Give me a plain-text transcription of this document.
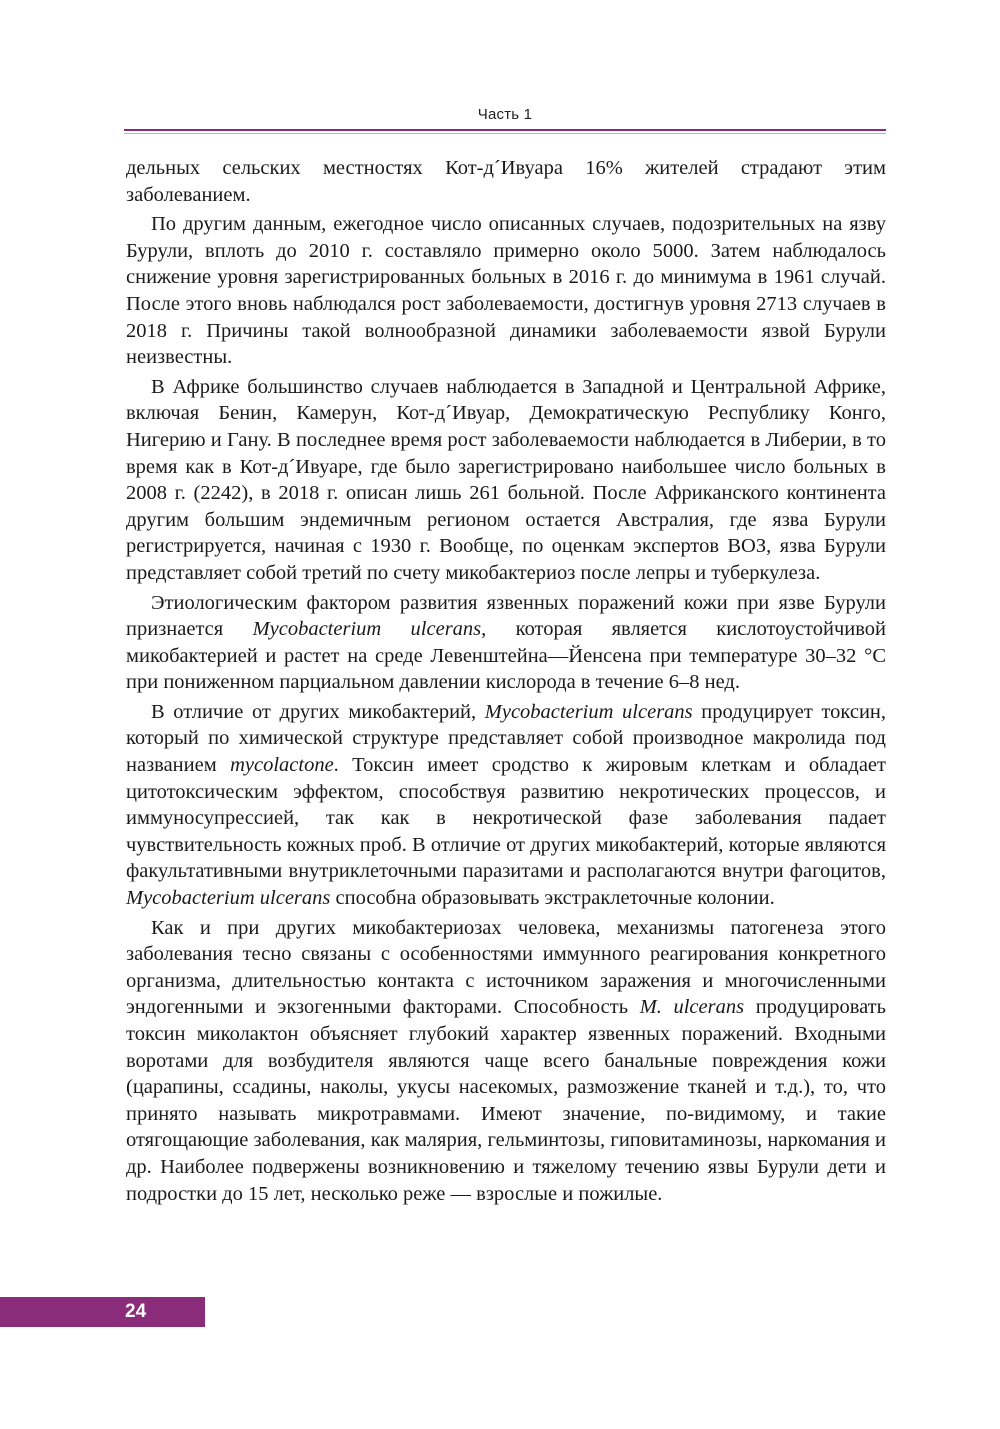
Часть 1

дельных сельских местностях Кот-д´Ивуара 16% жителей страдают этим заболеванием.

По другим данным, ежегодное число описанных случаев, подозрительных на язву Бурули, вплоть до 2010 г. составляло примерно около 5000. Затем наблюдалось снижение уровня зарегистрированных больных в 2016 г. до минимума в 1961 случай. После этого вновь наблюдался рост заболеваемости, достигнув уровня 2713 случаев в 2018 г. Причины такой волнообразной динамики заболеваемости язвой Бурули неизвестны.

В Африке большинство случаев наблюдается в Западной и Центральной Африке, включая Бенин, Камерун, Кот-д´Ивуар, Демократическую Республику Конго, Нигерию и Гану. В последнее время рост заболеваемости наблюдается в Либерии, в то время как в Кот-д´Ивуаре, где было зарегистрировано наибольшее число больных в 2008 г. (2242), в 2018 г. описан лишь 261 больной. После Африканского континента другим большим эндемичным регионом остается Австралия, где язва Бурули регистрируется, начиная с 1930 г. Вообще, по оценкам экспертов ВОЗ, язва Бурули представляет собой третий по счету микобактериоз после лепры и туберкулеза.

Этиологическим фактором развития язвенных поражений кожи при язве Бурули признается Mycobacterium ulcerans, которая является кислотоустойчивой микобактерией и растет на среде Левенштейна—Йенсена при температуре 30–32 °С при пониженном парциальном давлении кислорода в течение 6–8 нед.

В отличие от других микобактерий, Mycobacterium ulcerans продуцирует токсин, который по химической структуре представляет собой производное макролида под названием mycolactone. Токсин имеет сродство к жировым клеткам и обладает цитотоксическим эффектом, способствуя развитию некротических процессов, и иммуносупрессией, так как в некротической фазе заболевания падает чувствительность кожных проб. В отличие от других микобактерий, которые являются факультативными внутриклеточными паразитами и располагаются внутри фагоцитов, Mycobacterium ulcerans способна образовывать экстраклеточные колонии.

Как и при других микобактериозах человека, механизмы патогенеза этого заболевания тесно связаны с особенностями иммунного реагирования конкретного организма, длительностью контакта с источником заражения и многочисленными эндогенными и экзогенными факторами. Способность M. ulcerans продуцировать токсин миколактон объясняет глубокий характер язвенных поражений. Входными воротами для возбудителя являются чаще всего банальные повреждения кожи (царапины, ссадины, наколы, укусы насекомых, размозжение тканей и т.д.), то, что принято называть микротравмами. Имеют значение, по-видимому, и такие отягощающие заболевания, как малярия, гельминтозы, гиповитаминозы, наркомания и др. Наиболее подвержены возникновению и тяжелому течению язвы Бурули дети и подростки до 15 лет, несколько реже — взрослые и пожилые.

24
